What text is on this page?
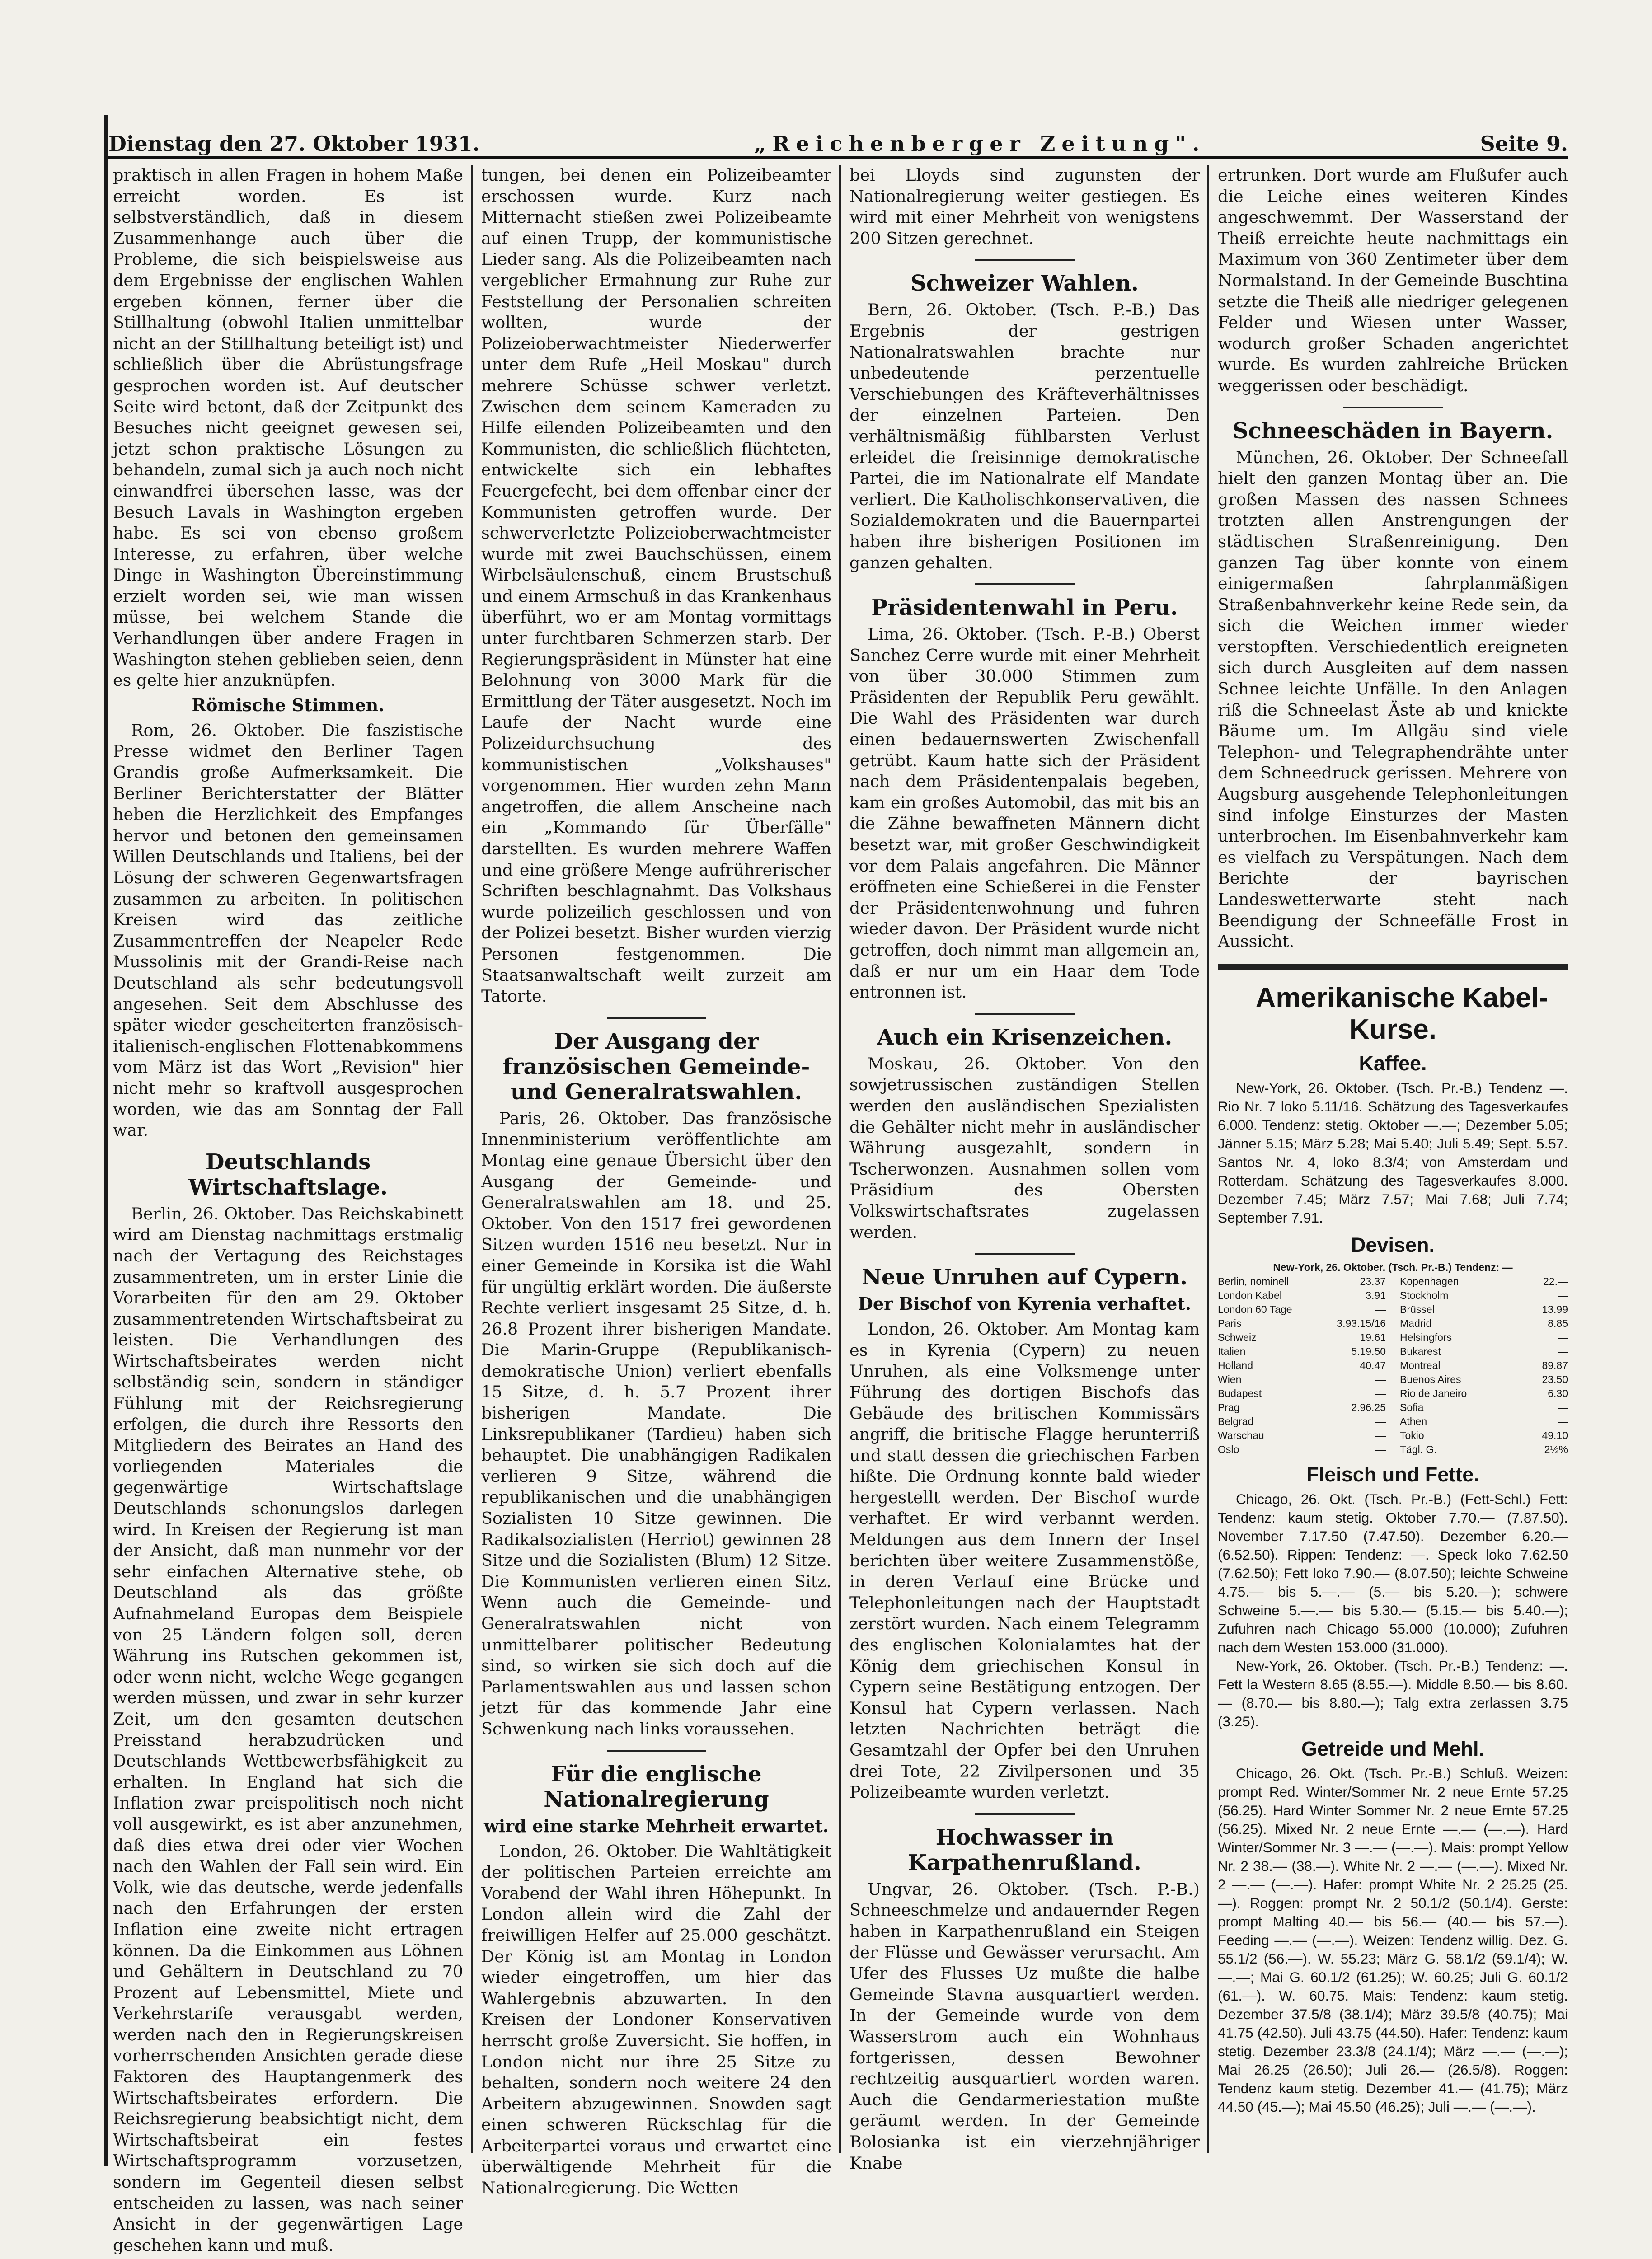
Dienstag den 27. Oktober 1931.	„Reichenberger Zeitung".	Seite 9.

praktisch in allen Fragen in hohem Maße erreicht worden. Es ist selbstverständlich, daß in diesem Zusammenhange auch über die Probleme, die sich beispielsweise aus dem Ergebnisse der englischen Wahlen ergeben können, ferner über die Stillhaltung (obwohl Italien unmittelbar nicht an der Stillhaltung beteiligt ist) und schließlich über die Abrüstungsfrage gesprochen worden ist. Auf deutscher Seite wird betont, daß der Zeitpunkt des Besuches nicht geeignet gewesen sei, jetzt schon praktische Lösungen zu behandeln, zumal sich ja auch noch nicht einwandfrei übersehen lasse, was der Besuch Lavals in Washington ergeben habe. Es sei von ebenso großem Interesse, zu erfahren, über welche Dinge in Washington Übereinstimmung erzielt worden sei, wie man wissen müsse, bei welchem Stande die Verhandlungen über andere Fragen in Washington stehen geblieben seien, denn es gelte hier anzuknüpfen.

Römische Stimmen.

Rom, 26. Oktober. Die faszistische Presse widmet den Berliner Tagen Grandis große Aufmerksamkeit. Die Berliner Berichterstatter der Blätter heben die Herzlichkeit des Empfanges hervor und betonen den gemeinsamen Willen Deutschlands und Italiens, bei der Lösung der schweren Gegenwartsfragen zusammen zu arbeiten. In politischen Kreisen wird das zeitliche Zusammentreffen der Neapeler Rede Mussolinis mit der Grandi-Reise nach Deutschland als sehr bedeutungsvoll angesehen. Seit dem Abschlusse des später wieder gescheiterten französisch-italienisch-englischen Flottenabkommens vom März ist das Wort „Revision" hier nicht mehr so kraftvoll ausgesprochen worden, wie das am Sonntag der Fall war.

Deutschlands Wirtschaftslage.

Berlin, 26. Oktober. Das Reichskabinett wird am Dienstag nachmittags erstmalig nach der Vertagung des Reichstages zusammentreten, um in erster Linie die Vorarbeiten für den am 29. Oktober zusammentretenden Wirtschaftsbeirat zu leisten. Die Verhandlungen des Wirtschaftsbeirates werden nicht selbständig sein, sondern in ständiger Fühlung mit der Reichsregierung erfolgen, die durch ihre Ressorts den Mitgliedern des Beirates an Hand des vorliegenden Materiales die gegenwärtige Wirtschaftslage Deutschlands schonungslos darlegen wird. In Kreisen der Regierung ist man der Ansicht, daß man nunmehr vor der sehr einfachen Alternative stehe, ob Deutschland als das größte Aufnahmeland Europas dem Beispiele von 25 Ländern folgen soll, deren Währung ins Rutschen gekommen ist, oder wenn nicht, welche Wege gegangen werden müssen, und zwar in sehr kurzer Zeit, um den gesamten deutschen Preisstand herabzudrücken und Deutschlands Wettbewerbsfähigkeit zu erhalten. In England hat sich die Inflation zwar preispolitisch noch nicht voll ausgewirkt, es ist aber anzunehmen, daß dies etwa drei oder vier Wochen nach den Wahlen der Fall sein wird. Ein Volk, wie das deutsche, werde jedenfalls nach den Erfahrungen der ersten Inflation eine zweite nicht ertragen können. Da die Einkommen aus Löhnen und Gehältern in Deutschland zu 70 Prozent auf Lebensmittel, Miete und Verkehrstarife verausgabt werden, werden nach den in Regierungskreisen vorherrschenden Ansichten gerade diese Faktoren des Hauptangenmerk des Wirtschaftsbeirates erfordern. Die Reichsregierung beabsichtigt nicht, dem Wirtschaftsbeirat ein festes Wirtschaftsprogramm vorzusetzen, sondern im Gegenteil diesen selbst entscheiden zu lassen, was nach seiner Ansicht in der gegenwärtigen Lage geschehen kann und muß.

tungen, bei denen ein Polizeibeamter erschossen wurde. Kurz nach Mitternacht stießen zwei Polizeibeamte auf einen Trupp, der kommunistische Lieder sang. Als die Polizeibeamten nach vergeblicher Ermahnung zur Ruhe zur Feststellung der Personalien schreiten wollten, wurde der Polizeioberwachtmeister Niederwerfer unter dem Rufe „Heil Moskau" durch mehrere Schüsse schwer verletzt. Zwischen dem seinem Kameraden zu Hilfe eilenden Polizeibeamten und den Kommunisten, die schließlich flüchteten, entwickelte sich ein lebhaftes Feuergefecht, bei dem offenbar einer der Kommunisten getroffen wurde. Der schwerverletzte Polizeioberwachtmeister wurde mit zwei Bauchschüssen, einem Wirbelsäulenschuß, einem Brustschuß und einem Armschuß in das Krankenhaus überführt, wo er am Montag vormittags unter furchtbaren Schmerzen starb. Der Regierungspräsident in Münster hat eine Belohnung von 3000 Mark für die Ermittlung der Täter ausgesetzt. Noch im Laufe der Nacht wurde eine Polizeidurchsuchung des kommunistischen „Volkshauses" vorgenommen. Hier wurden zehn Mann angetroffen, die allem Anscheine nach ein „Kommando für Überfälle" darstellten. Es wurden mehrere Waffen und eine größere Menge aufrührerischer Schriften beschlagnahmt. Das Volkshaus wurde polizeilich geschlossen und von der Polizei besetzt. Bisher wurden vierzig Personen festgenommen. Die Staatsanwaltschaft weilt zurzeit am Tatorte.

Der Ausgang der französischen Gemeinde- und Generalratswahlen.

Paris, 26. Oktober. Das französische Innenministerium veröffentlichte am Montag eine genaue Übersicht über den Ausgang der Gemeinde- und Generalratswahlen am 18. und 25. Oktober. Von den 1517 frei gewordenen Sitzen wurden 1516 neu besetzt. Nur in einer Gemeinde in Korsika ist die Wahl für ungültig erklärt worden. Die äußerste Rechte verliert insgesamt 25 Sitze, d. h. 26.8 Prozent ihrer bisherigen Mandate. Die Marin-Gruppe (Republikanisch-demokratische Union) verliert ebenfalls 15 Sitze, d. h. 5.7 Prozent ihrer bisherigen Mandate. Die Linksrepublikaner (Tardieu) haben sich behauptet. Die unabhängigen Radikalen verlieren 9 Sitze, während die republikanischen und die unabhängigen Sozialisten 10 Sitze gewinnen. Die Radikalsozialisten (Herriot) gewinnen 28 Sitze und die Sozialisten (Blum) 12 Sitze. Die Kommunisten verlieren einen Sitz. Wenn auch die Gemeinde- und Generalratswahlen nicht von unmittelbarer politischer Bedeutung sind, so wirken sie sich doch auf die Parlamentswahlen aus und lassen schon jetzt für das kommende Jahr eine Schwenkung nach links voraussehen.

Für die englische Nationalregierung
wird eine starke Mehrheit erwartet.

London, 26. Oktober. Die Wahltätigkeit der politischen Parteien erreichte am Vorabend der Wahl ihren Höhepunkt. In London allein wird die Zahl der freiwilligen Helfer auf 25.000 geschätzt. Der König ist am Montag in London wieder eingetroffen, um hier das Wahlergebnis abzuwarten. In den Kreisen der Londoner Konservativen herrscht große Zuversicht. Sie hoffen, in London nicht nur ihre 25 Sitze zu behalten, sondern noch weitere 24 den Arbeitern abzugewinnen. Snowden sagt einen schweren Rückschlag für die Arbeiterpartei voraus und erwartet eine überwältigende Mehrheit für die Nationalregierung. Die Wetten

bei Lloyds sind zugunsten der Nationalregierung weiter gestiegen. Es wird mit einer Mehrheit von wenigstens 200 Sitzen gerechnet.

Schweizer Wahlen.

Bern, 26. Oktober. (Tsch. P.-B.) Das Ergebnis der gestrigen Nationalratswahlen brachte nur unbedeutende perzentuelle Verschiebungen des Kräfteverhältnisses der einzelnen Parteien. Den verhältnismäßig fühlbarsten Verlust erleidet die freisinnige demokratische Partei, die im Nationalrate elf Mandate verliert. Die Katholischkonservativen, die Sozialdemokraten und die Bauernpartei haben ihre bisherigen Positionen im ganzen gehalten.

Präsidentenwahl in Peru.

Lima, 26. Oktober. (Tsch. P.-B.) Oberst Sanchez Cerre wurde mit einer Mehrheit von über 30.000 Stimmen zum Präsidenten der Republik Peru gewählt. Die Wahl des Präsidenten war durch einen bedauernswerten Zwischenfall getrübt. Kaum hatte sich der Präsident nach dem Präsidentenpalais begeben, kam ein großes Automobil, das mit bis an die Zähne bewaffneten Männern dicht besetzt war, mit großer Geschwindigkeit vor dem Palais angefahren. Die Männer eröffneten eine Schießerei in die Fenster der Präsidentenwohnung und fuhren wieder davon. Der Präsident wurde nicht getroffen, doch nimmt man allgemein an, daß er nur um ein Haar dem Tode entronnen ist.

Auch ein Krisenzeichen.

Moskau, 26. Oktober. Von den sowjetrussischen zuständigen Stellen werden den ausländischen Spezialisten die Gehälter nicht mehr in ausländischer Währung ausgezahlt, sondern in Tscherwonzen. Ausnahmen sollen vom Präsidium des Obersten Volkswirtschaftsrates zugelassen werden.

Neue Unruhen auf Cypern.
Der Bischof von Kyrenia verhaftet.

London, 26. Oktober. Am Montag kam es in Kyrenia (Cypern) zu neuen Unruhen, als eine Volksmenge unter Führung des dortigen Bischofs das Gebäude des britischen Kommissärs angriff, die britische Flagge herunterriß und statt dessen die griechischen Farben hißte. Die Ordnung konnte bald wieder hergestellt werden. Der Bischof wurde verhaftet. Er wird verbannt werden. Meldungen aus dem Innern der Insel berichten über weitere Zusammenstöße, in deren Verlauf eine Brücke und Telephonleitungen nach der Hauptstadt zerstört wurden. Nach einem Telegramm des englischen Kolonialamtes hat der König dem griechischen Konsul in Cypern seine Bestätigung entzogen. Der Konsul hat Cypern verlassen. Nach letzten Nachrichten beträgt die Gesamtzahl der Opfer bei den Unruhen drei Tote, 22 Zivilpersonen und 35 Polizeibeamte wurden verletzt.

Hochwasser in Karpathenrußland.

Ungvar, 26. Oktober. (Tsch. P.-B.) Schneeschmelze und andauernder Regen haben in Karpathenrußland ein Steigen der Flüsse und Gewässer verursacht. Am Ufer des Flusses Uz mußte die halbe Gemeinde Stavna ausquartiert werden. In der Gemeinde wurde von dem Wasserstrom auch ein Wohnhaus fortgerissen, dessen Bewohner rechtzeitig ausquartiert worden waren. Auch die Gendarmeriestation mußte geräumt werden. In der Gemeinde Bolosianka ist ein vierzehnjähriger Knabe

ertrunken. Dort wurde am Flußufer auch die Leiche eines weiteren Kindes angeschwemmt. Der Wasserstand der Theiß erreichte heute nachmittags ein Maximum von 360 Zentimeter über dem Normalstand. In der Gemeinde Buschtina setzte die Theiß alle niedriger gelegenen Felder und Wiesen unter Wasser, wodurch großer Schaden angerichtet wurde. Es wurden zahlreiche Brücken weggerissen oder beschädigt.

Schneeschäden in Bayern.

München, 26. Oktober. Der Schneefall hielt den ganzen Montag über an. Die großen Massen des nassen Schnees trotzten allen Anstrengungen der städtischen Straßenreinigung. Den ganzen Tag über konnte von einem einigermaßen fahrplanmäßigen Straßenbahnverkehr keine Rede sein, da sich die Weichen immer wieder verstopften. Verschiedentlich ereigneten sich durch Ausgleiten auf dem nassen Schnee leichte Unfälle. In den Anlagen riß die Schneelast Äste ab und knickte Bäume um. Im Allgäu sind viele Telephon- und Telegraphendrähte unter dem Schneedruck gerissen. Mehrere von Augsburg ausgehende Telephonleitungen sind infolge Einsturzes der Masten unterbrochen. Im Eisenbahnverkehr kam es vielfach zu Verspätungen. Nach dem Berichte der bayrischen Landeswetterwarte steht nach Beendigung der Schneefälle Frost in Aussicht.

Amerikanische Kabel-Kurse.

Kaffee.

New-York, 26. Oktober. (Tsch. Pr.-B.) Tendenz —. Rio Nr. 7 loko 5.11/16. Schätzung des Tagesverkaufes 6.000. Tendenz: stetig. Oktober —.—; Dezember 5.05; Jänner 5.15; März 5.28; Mai 5.40; Juli 5.49; Sept. 5.57. Santos Nr. 4, loko 8.3/4; von Amsterdam und Rotterdam. Schätzung des Tagesverkaufes 8.000. Dezember 7.45; März 7.57; Mai 7.68; Juli 7.74; September 7.91.

Devisen.
New-York, 26. Oktober. (Tsch. Pr.-B.) Tendenz: —
Berlin, nominell	23.37 Kopenhagen	22.—
London Kabel	3.91 Stockholm	—
London 60 Tage	— Brüssel	13.99
Paris	3.93.15/16 Madrid	8.85
Schweiz	19.61 Helsingfors	—
Italien	5.19.50 Bukarest	—
Holland	40.47 Montreal	89.87
Wien	— Buenos Aires	23.50
Budapest	— Rio de Janeiro	6.30
Prag	2.96.25 Sofia	—
Belgrad	— Athen	—
Warschau	— Tokio	49.10
Oslo	— Tägl. G.	2½%
Fleisch und Fette.

Chicago, 26. Okt. (Tsch. Pr.-B.) (Fett-Schl.) Fett: Tendenz: kaum stetig. Oktober 7.70.— (7.87.50). November 7.17.50 (7.47.50). Dezember 6.20.— (6.52.50). Rippen: Tendenz: —. Speck loko 7.62.50 (7.62.50); Fett loko 7.90.— (8.07.50); leichte Schweine 4.75.— bis 5.—.— (5.— bis 5.20.—); schwere Schweine 5.—.— bis 5.30.— (5.15.— bis 5.40.—); Zufuhren nach Chicago 55.000 (10.000); Zufuhren nach dem Westen 153.000 (31.000).

New-York, 26. Oktober. (Tsch. Pr.-B.) Tendenz: —. Fett la Western 8.65 (8.55.—). Middle 8.50.— bis 8.60.— (8.70.— bis 8.80.—); Talg extra zerlassen 3.75 (3.25).

Getreide und Mehl.

Chicago, 26. Okt. (Tsch. Pr.-B.) Schluß. Weizen: prompt Red. Winter/Sommer Nr. 2 neue Ernte 57.25 (56.25). Hard Winter Sommer Nr. 2 neue Ernte 57.25 (56.25). Mixed Nr. 2 neue Ernte —.— (—.—). Hard Winter/Sommer Nr. 3 —.— (—.—). Mais: prompt Yellow Nr. 2 38.— (38.—). White Nr. 2 —.— (—.—). Mixed Nr. 2 —.— (—.—). Hafer: prompt White Nr. 2 25.25 (25.—). Roggen: prompt Nr. 2 50.1/2 (50.1/4). Gerste: prompt Malting 40.— bis 56.— (40.— bis 57.—). Feeding —.— (—.—). Weizen: Tendenz willig. Dez. G. 55.1/2 (56.—). W. 55.23; März G. 58.1/2 (59.1/4); W. —.—; Mai G. 60.1/2 (61.25); W. 60.25; Juli G. 60.1/2 (61.—). W. 60.75. Mais: Tendenz: kaum stetig. Dezember 37.5/8 (38.1/4); März 39.5/8 (40.75); Mai 41.75 (42.50). Juli 43.75 (44.50). Hafer: Tendenz: kaum stetig. Dezember 23.3/8 (24.1/4); März —.— (—.—); Mai 26.25 (26.50); Juli 26.— (26.5/8). Roggen: Tendenz kaum stetig. Dezember 41.— (41.75); März 44.50 (45.—); Mai 45.50 (46.25); Juli —.— (—.—).
